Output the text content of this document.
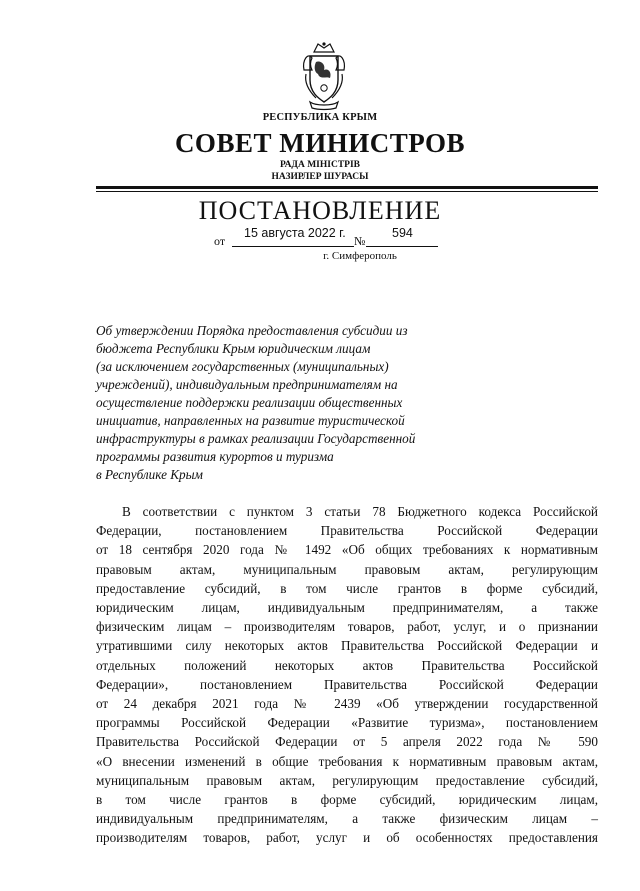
РЕСПУБЛИКА КРЫМ
СОВЕТ МИНИСТРОВ
РАДА МІНІСТРІВ
НАЗИРЛЕР ШУРАСЫ
ПОСТАНОВЛЕНИЕ
от
15 августа 2022 г.
№
594
г. Симферополь
Об утверждении Порядка предоставления субсидии из
бюджета Республики Крым юридическим лицам
(за исключением государственных (муниципальных)
учреждений), индивидуальным предпринимателям на
осуществление поддержки реализации общественных
инициатив, направленных на развитие туристической
инфраструктуры в рамках реализации Государственной
программы развития курортов и туризма
в Республике Крым
В соответствии с пунктом 3 статьи 78 Бюджетного кодекса Российской
Федерации, постановлением Правительства Российской Федерации
от 18 сентября 2020 года № 1492 «Об общих требованиях к нормативным
правовым актам, муниципальным правовым актам, регулирующим
предоставление субсидий, в том числе грантов в форме субсидий,
юридическим лицам, индивидуальным предпринимателям, а также
физическим лицам – производителям товаров, работ, услуг, и о признании
утратившими силу некоторых актов Правительства Российской Федерации и
отдельных положений некоторых актов Правительства Российской
Федерации», постановлением Правительства Российской Федерации
от 24 декабря 2021 года № 2439 «Об утверждении государственной
программы Российской Федерации «Развитие туризма», постановлением
Правительства Российской Федерации от 5 апреля 2022 года № 590
«О внесении изменений в общие требования к нормативным правовым актам,
муниципальным правовым актам, регулирующим предоставление субсидий,
в том числе грантов в форме субсидий, юридическим лицам,
индивидуальным предпринимателям, а также физическим лицам –
производителям товаров, работ, услуг и об особенностях предоставления
